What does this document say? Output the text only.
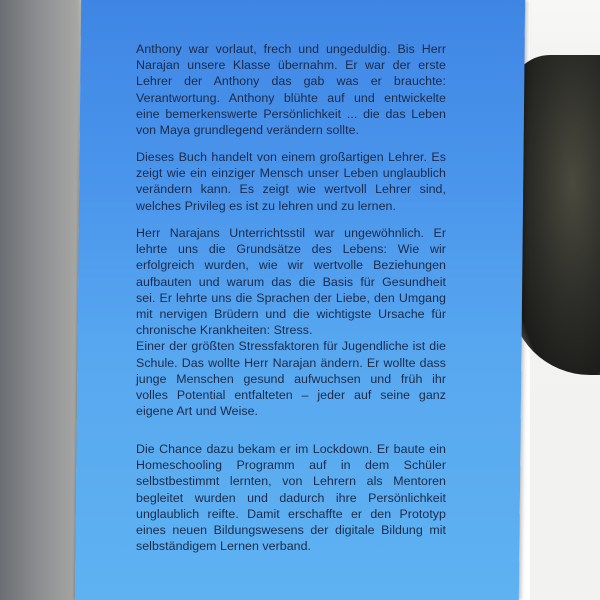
Anthony war vorlaut, frech und ungeduldig. Bis Herr
Narajan unsere Klasse übernahm. Er war der erste
Lehrer der Anthony das gab was er brauchte:
Verantwortung. Anthony blühte auf und entwickelte
eine bemerkenswerte Persönlichkeit ... die das Leben
von Maya grundlegend verändern sollte.
Dieses Buch handelt von einem großartigen Lehrer. Es
zeigt wie ein einziger Mensch unser Leben unglaublich
verändern kann. Es zeigt wie wertvoll Lehrer sind,
welches Privileg es ist zu lehren und zu lernen.
Herr Narajans Unterrichtsstil war ungewöhnlich. Er
lehrte uns die Grundsätze des Lebens: Wie wir
erfolgreich wurden, wie wir wertvolle Beziehungen
aufbauten und warum das die Basis für Gesundheit
sei. Er lehrte uns die Sprachen der Liebe, den Umgang
mit nervigen Brüdern und die wichtigste Ursache für
chronische Krankheiten: Stress.
Einer der größten Stressfaktoren für Jugendliche ist die
Schule. Das wollte Herr Narajan ändern. Er wollte dass
junge Menschen gesund aufwuchsen und früh ihr
volles Potential entfalteten – jeder auf seine ganz
eigene Art und Weise.
Die Chance dazu bekam er im Lockdown. Er baute ein
Homeschooling Programm auf in dem Schüler
selbstbestimmt lernten, von Lehrern als Mentoren
begleitet wurden und dadurch ihre Persönlichkeit
unglaublich reifte. Damit erschaffte er den Prototyp
eines neuen Bildungswesens der digitale Bildung mit
selbständigem Lernen verband.
